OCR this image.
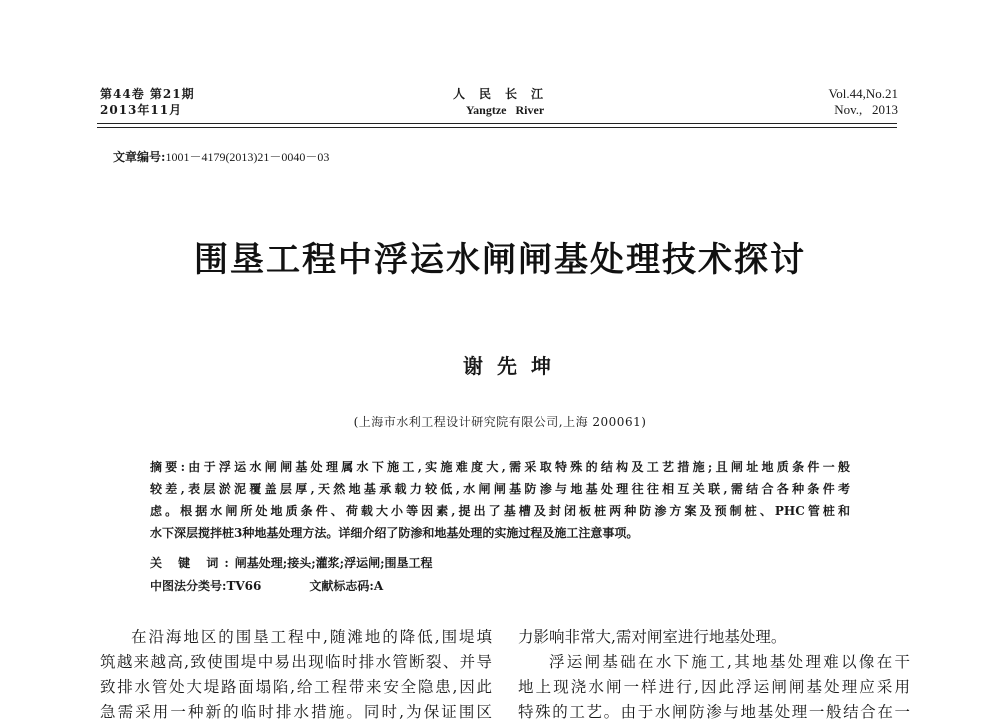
第44卷 第21期
2013年11月
人民长江
Yangtze River
Vol.44,No.21
Nov.,   2013
文章编号:1001－4179(2013)21－0040－03
围垦工程中浮运水闸闸基处理技术探讨
谢先坤
(上海市水利工程设计研究院有限公司,上海 200061)
摘要:由于浮运水闸闸基处理属水下施工,实施难度大,需采取特殊的结构及工艺措施;且闸址地质条件一般
较差,表层淤泥覆盖层厚,天然地基承载力较低,水闸闸基防渗与地基处理往往相互关联,需结合各种条件考
虑。根据水闸所处地质条件、荷载大小等因素,提出了基槽及封闭板桩两种防渗方案及预制桩、PHC管桩和
水下深层搅拌桩3种地基处理方法。详细介绍了防渗和地基处理的实施过程及施工注意事项。
关 键 词:闸基处理;接头;灌浆;浮运闸;围垦工程
中图法分类号:TV66	文献标志码:A
在沿海地区的围垦工程中,随滩地的降低,围堤填
筑越来越高,致使围堤中易出现临时排水管断裂、并导
致排水管处大堤路面塌陷,给工程带来安全隐患,因此
急需采用一种新的临时排水措施。同时,为保证围区
力影响非常大,需对闸室进行地基处理。
浮运闸基础在水下施工,其地基处理难以像在干
地上现浇水闸一样进行,因此浮运闸闸基处理应采用
特殊的工艺。由于水闸防渗与地基处理一般结合在一
